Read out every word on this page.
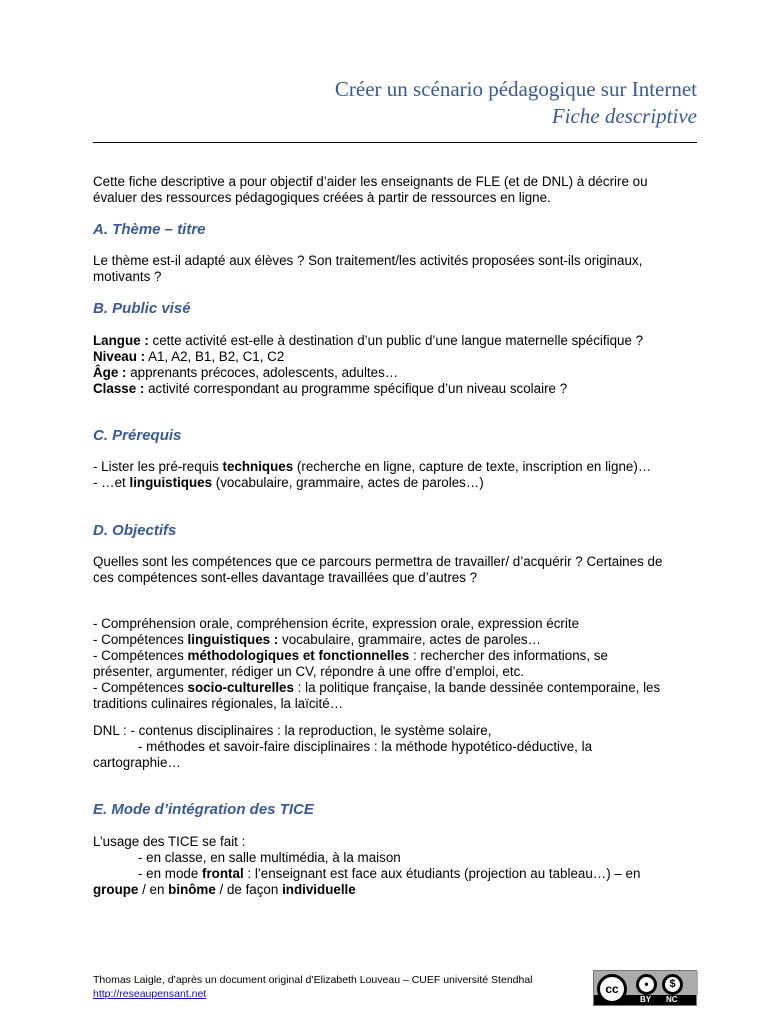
Créer un scénario pédagogique sur Internet
Fiche descriptive
Cette fiche descriptive a pour objectif d’aider les enseignants de FLE (et de DNL) à décrire ou
évaluer des ressources pédagogiques créées à partir de ressources en ligne.
A. Thème – titre
Le thème est-il adapté aux élèves ? Son traitement/les activités proposées sont-ils originaux,
motivants ?
B. Public visé
Langue : cette activité est-elle à destination d’un public d’une langue maternelle spécifique ?
Niveau : A1, A2, B1, B2, C1, C2
Âge : apprenants précoces, adolescents, adultes…
Classe : activité correspondant au programme spécifique d’un niveau scolaire ?
C. Prérequis
- Lister les pré-requis techniques (recherche en ligne, capture de texte, inscription en ligne)…
- …et linguistiques (vocabulaire, grammaire, actes de paroles…)
D. Objectifs
Quelles sont les compétences que ce parcours permettra de travailler/ d’acquérir ? Certaines de
ces compétences sont-elles davantage travaillées que d’autres ?
- Compréhension orale, compréhension écrite, expression orale, expression écrite
- Compétences linguistiques : vocabulaire, grammaire, actes de paroles…
- Compétences méthodologiques et fonctionnelles : rechercher des informations, se
présenter, argumenter, rédiger un CV, répondre à une offre d’emploi, etc.
- Compétences socio-culturelles : la politique française, la bande dessinée contemporaine, les
traditions culinaires régionales, la laïcité…
DNL : - contenus disciplinaires : la reproduction, le système solaire,
- méthodes et savoir-faire disciplinaires : la méthode hypotético-déductive, la
cartographie…
E. Mode d’intégration des TICE
L’usage des TICE se fait :
- en classe, en salle multimédia, à la maison
- en mode frontal : l’enseignant est face aux étudiants (projection au tableau…) – en
groupe / en binôme / de façon individuelle
Thomas Laigle, d’après un document original d’Elizabeth Louveau – CUEF université Stendhal
http://reseaupensant.net	cc	•	$
BY NC
